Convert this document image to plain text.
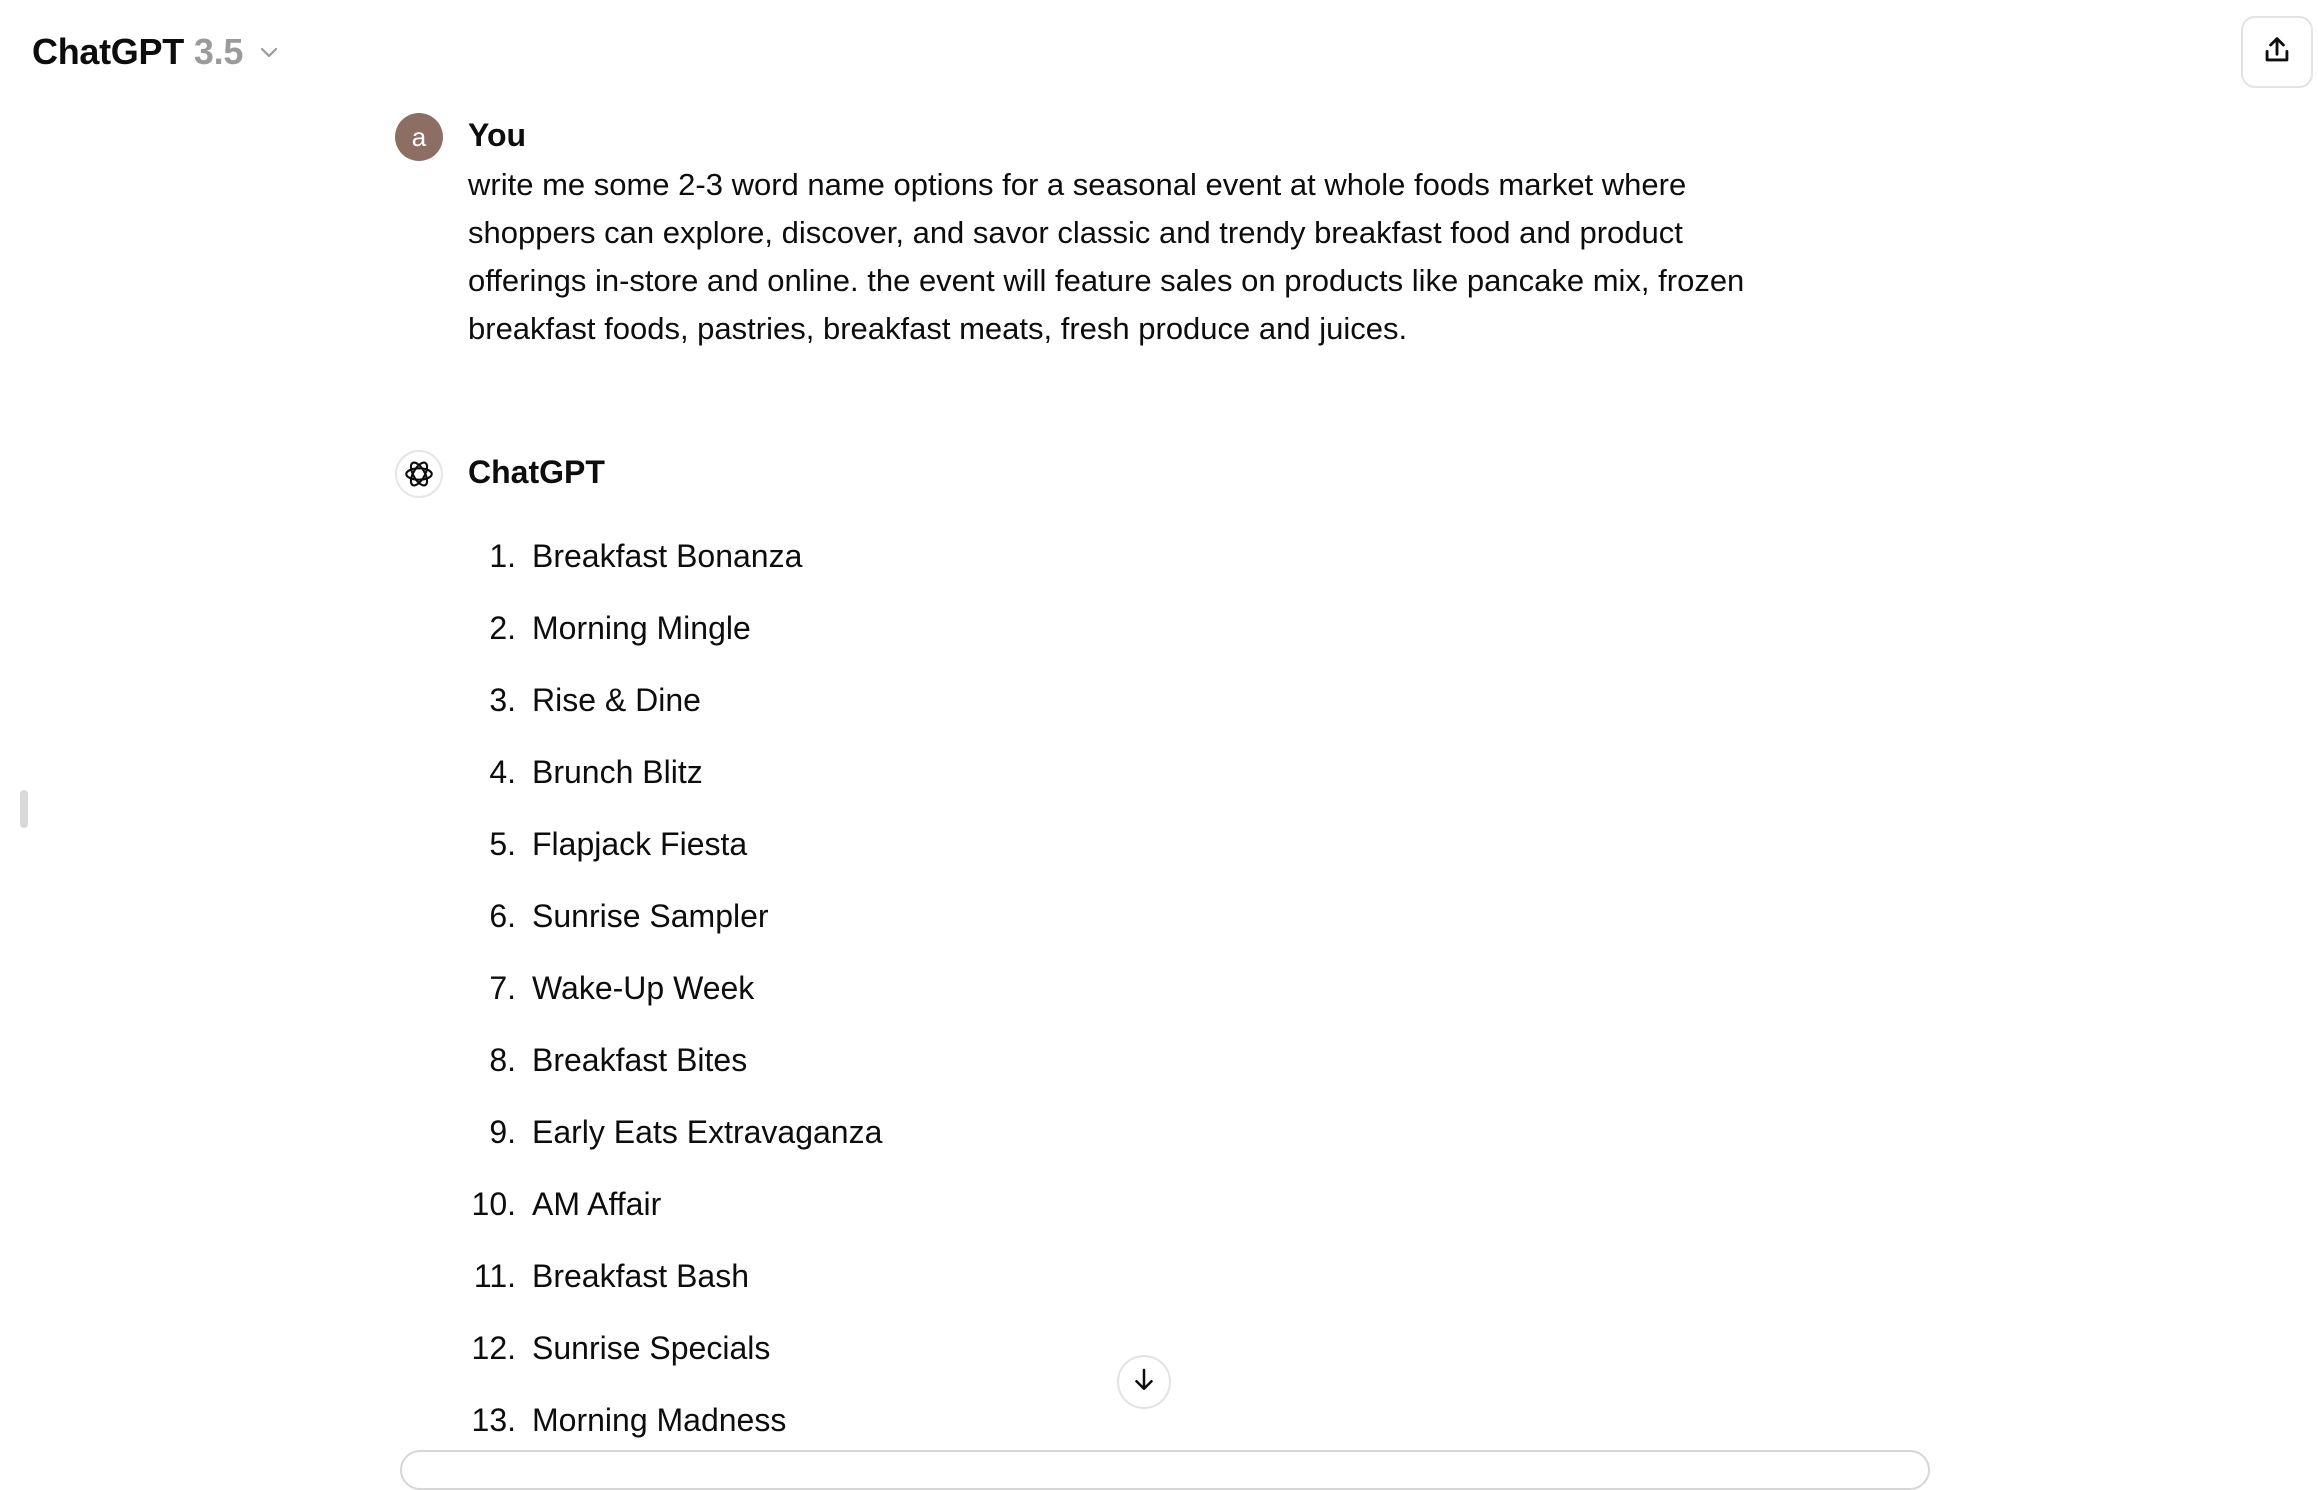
ChatGPT 3.5
a You
write me some 2-3 word name options for a seasonal event at whole foods market where shoppers can explore, discover, and savor classic and trendy breakfast food and product offerings in-store and online. the event will feature sales on products like pancake mix, frozen breakfast foods, pastries, breakfast meats, fresh produce and juices.
ChatGPT
1. Breakfast Bonanza
2. Morning Mingle
3. Rise & Dine
4. Brunch Blitz
5. Flapjack Fiesta
6. Sunrise Sampler
7. Wake-Up Week
8. Breakfast Bites
9. Early Eats Extravaganza
10. AM Affair
11. Breakfast Bash
12. Sunrise Specials
13. Morning Madness
